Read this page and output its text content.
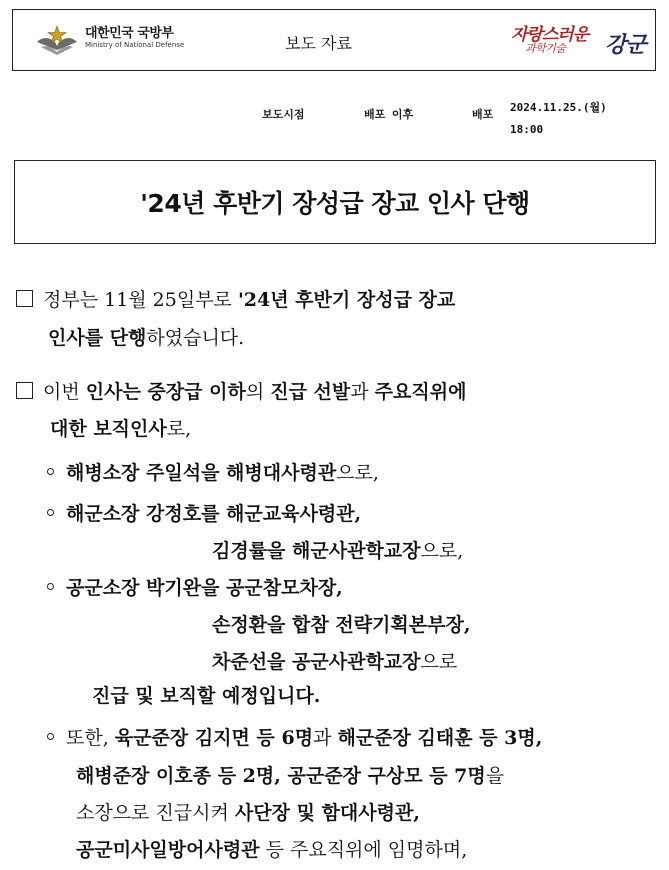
대한민국 국방부
Ministry of National Defense	보도 자료	자랑스러운
과학기술 강군
보도시점	배포 이후	배포
2024.11.25.(월)
18:00
'24년 후반기 장성급 장교 인사 단행
정부는 11월 25일부로 '24년 후반기 장성급 장교
인사를 단행하였습니다.
이번 인사는 중장급 이하의 진급 선발과 주요직위에
대한 보직인사로,
해병소장 주일석을 해병대사령관으로,
해군소장 강정호를 해군교육사령관,
김경률을 해군사관학교장으로,
공군소장 박기완을 공군참모차장,
손정환을 합참 전략기획본부장,
차준선을 공군사관학교장으로
진급 및 보직할 예정입니다.
또한, 육군준장 김지면 등 6명과 해군준장 김태훈 등 3명,
해병준장 이호종 등 2명, 공군준장 구상모 등 7명을
소장으로 진급시켜 사단장 및 함대사령관,
공군미사일방어사령관 등 주요직위에 임명하며,
